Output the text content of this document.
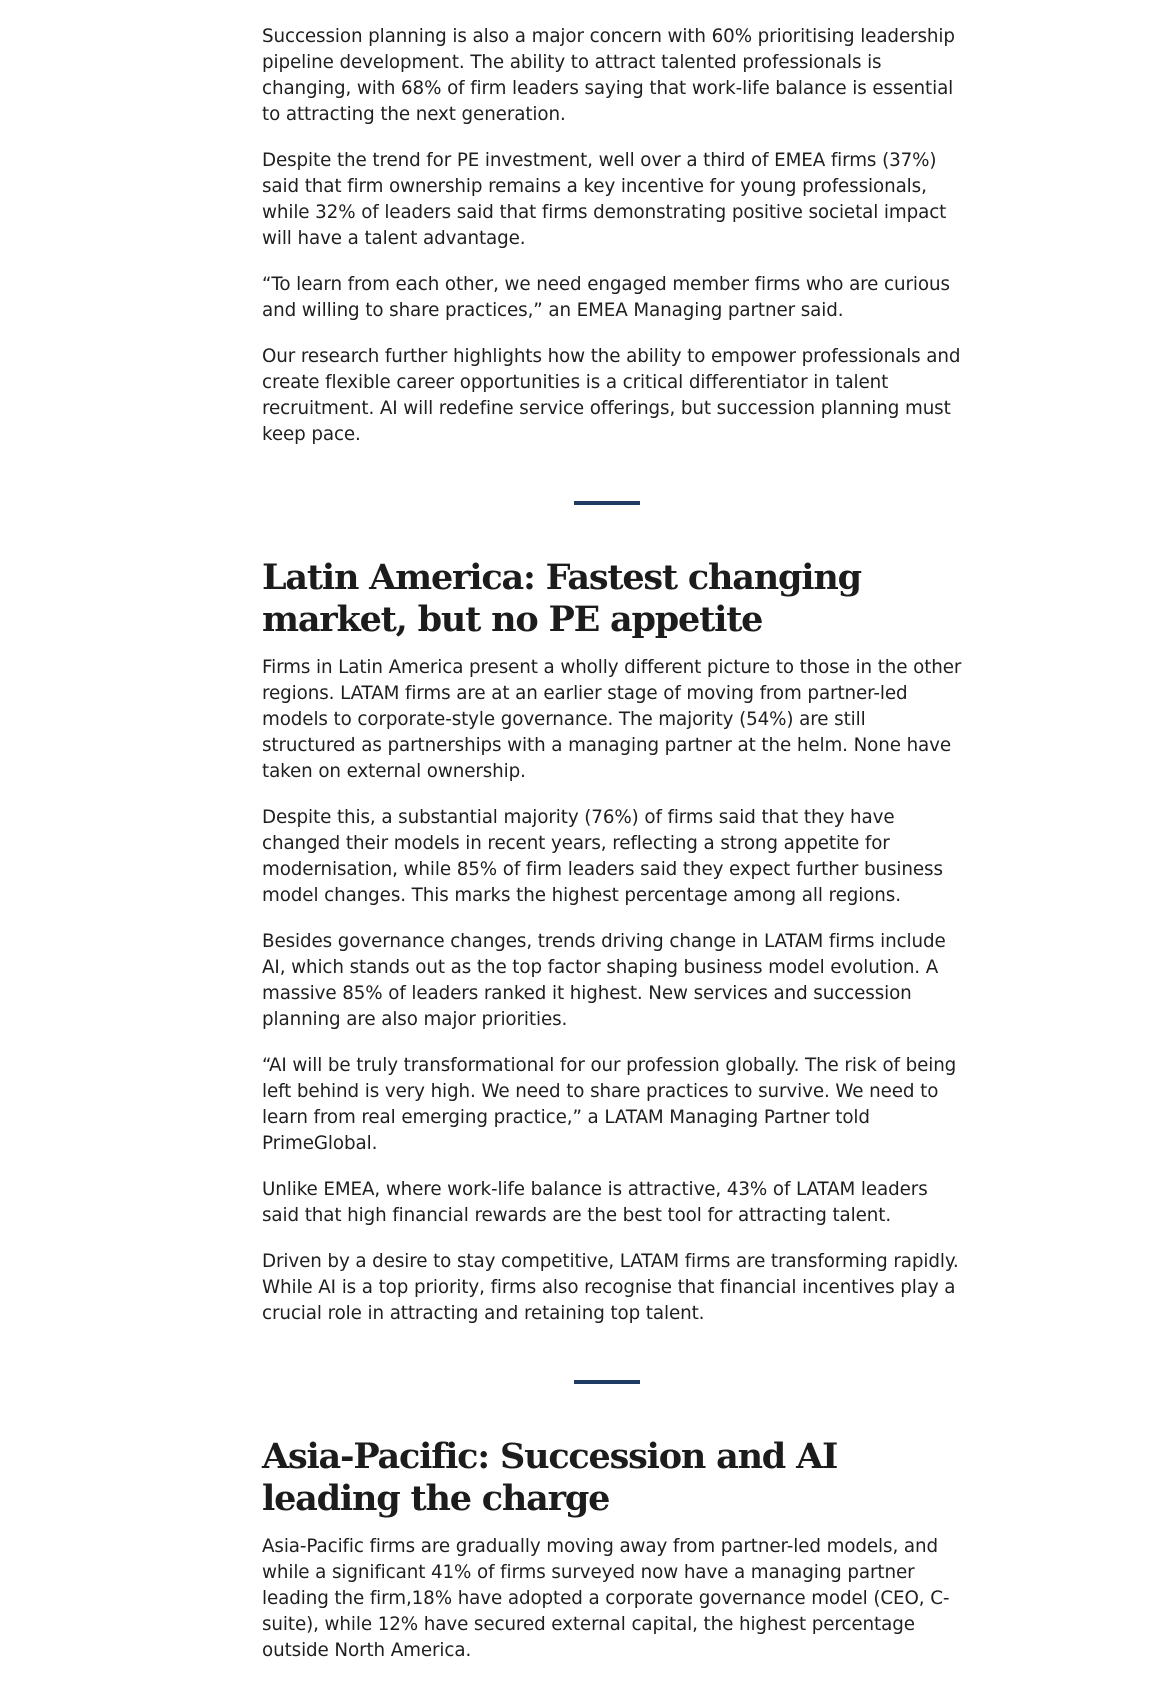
Succession planning is also a major concern with 60% prioritising leadership pipeline development. The ability to attract talented professionals is changing, with 68% of firm leaders saying that work-life balance is essential to attracting the next generation.

Despite the trend for PE investment, well over a third of EMEA firms (37%) said that firm ownership remains a key incentive for young professionals, while 32% of leaders said that firms demonstrating positive societal impact will have a talent advantage.

“To learn from each other, we need engaged member firms who are curious and willing to share practices,” an EMEA Managing partner said.

Our research further highlights how the ability to empower professionals and create flexible career opportunities is a critical differentiator in talent recruitment. AI will redefine service offerings, but succession planning must keep pace.

Latin America: Fastest changing market, but no PE appetite

Firms in Latin America present a wholly different picture to those in the other regions. LATAM firms are at an earlier stage of moving from partner-led models to corporate-style governance. The majority (54%) are still structured as partnerships with a managing partner at the helm. None have taken on external ownership.

Despite this, a substantial majority (76%) of firms said that they have changed their models in recent years, reflecting a strong appetite for modernisation, while 85% of firm leaders said they expect further business model changes. This marks the highest percentage among all regions.

Besides governance changes, trends driving change in LATAM firms include AI, which stands out as the top factor shaping business model evolution. A massive 85% of leaders ranked it highest. New services and succession planning are also major priorities.

“AI will be truly transformational for our profession globally. The risk of being left behind is very high. We need to share practices to survive. We need to learn from real emerging practice,” a LATAM Managing Partner told PrimeGlobal.

Unlike EMEA, where work-life balance is attractive, 43% of LATAM leaders said that high financial rewards are the best tool for attracting talent.

Driven by a desire to stay competitive, LATAM firms are transforming rapidly. While AI is a top priority, firms also recognise that financial incentives play a crucial role in attracting and retaining top talent.

Asia-Pacific: Succession and AI leading the charge

Asia-Pacific firms are gradually moving away from partner-led models, and while a significant 41% of firms surveyed now have a managing partner leading the firm,18% have adopted a corporate governance model (CEO, C-suite), while 12% have secured external capital, the highest percentage outside North America.
